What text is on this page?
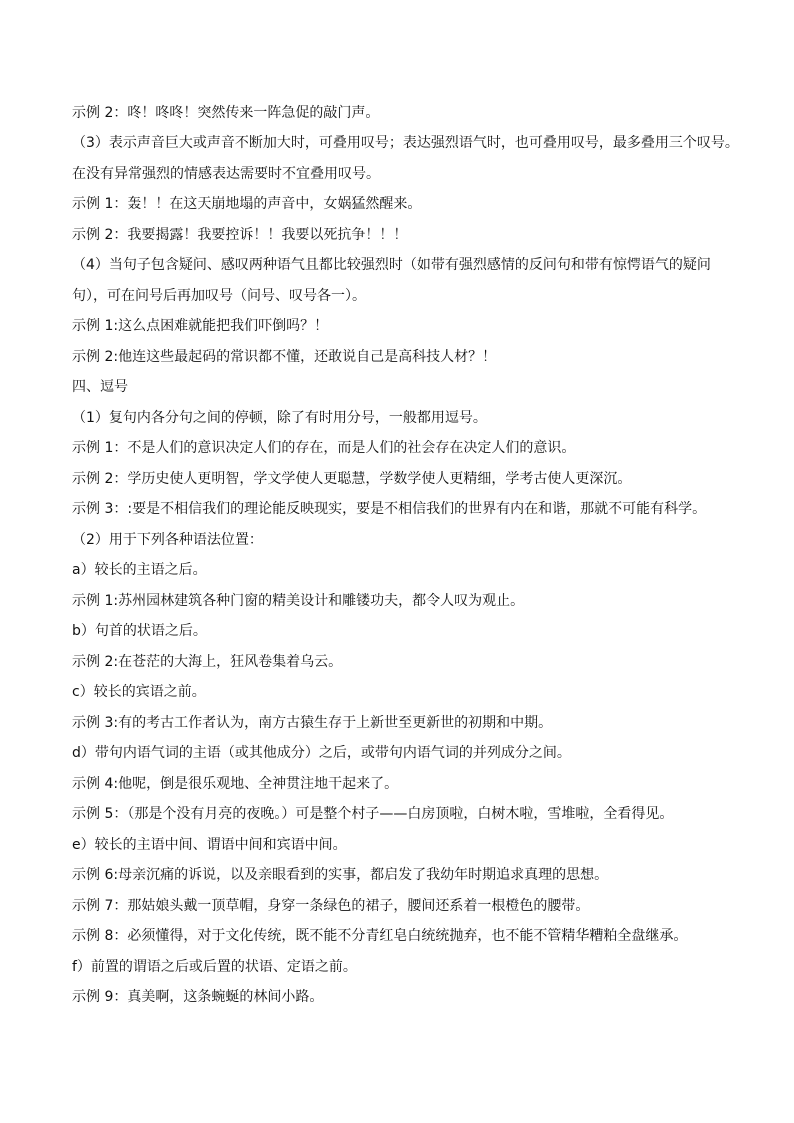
示例 2：咚！咚咚！突然传来一阵急促的敲门声。
（3）表示声音巨大或声音不断加大时，可叠用叹号；表达强烈语气时，也可叠用叹号，最多叠用三个叹号。
在没有异常强烈的情感表达需要时不宜叠用叹号。
示例 1：轰！！在这天崩地塌的声音中，女娲猛然醒来。
示例 2：我要揭露！我要控诉！！我要以死抗争！！！
（4）当句子包含疑问、感叹两种语气且都比较强烈时（如带有强烈感情的反问句和带有惊愕语气的疑问
句），可在问号后再加叹号（问号、叹号各一）。
示例 1:这么点困难就能把我们吓倒吗？！
示例 2:他连这些最起码的常识都不懂，还敢说自己是高科技人材？！
四、逗号
（1）复句内各分句之间的停顿，除了有时用分号，一般都用逗号。
示例 1：不是人们的意识决定人们的存在，而是人们的社会存在决定人们的意识。
示例 2：学历史使人更明智，学文学使人更聪慧，学数学使人更精细，学考古使人更深沉。
示例 3：:要是不相信我们的理论能反映现实，要是不相信我们的世界有内在和谐，那就不可能有科学。
（2）用于下列各种语法位置：
a）较长的主语之后。
示例 1:苏州园林建筑各种门窗的精美设计和雕镂功夫，都令人叹为观止。
b）句首的状语之后。
示例 2:在苍茫的大海上，狂风卷集着乌云。
c）较长的宾语之前。
示例 3:有的考古工作者认为，南方古猿生存于上新世至更新世的初期和中期。
d）带句内语气词的主语（或其他成分）之后，或带句内语气词的并列成分之间。
示例 4:他呢，倒是很乐观地、全神贯注地干起来了。
示例 5：（那是个没有月亮的夜晚。）可是整个村子——白房顶啦，白树木啦，雪堆啦，全看得见。
e）较长的主语中间、谓语中间和宾语中间。
示例 6:母亲沉痛的诉说，以及亲眼看到的实事，都启发了我幼年时期追求真理的思想。
示例 7：那姑娘头戴一顶草帽，身穿一条绿色的裙子，腰间还系着一根橙色的腰带。
示例 8：必须懂得，对于文化传统，既不能不分青红皂白统统抛弃，也不能不管精华糟粕全盘继承。
f）前置的谓语之后或后置的状语、定语之前。
示例 9：真美啊，这条蜿蜒的林间小路。
